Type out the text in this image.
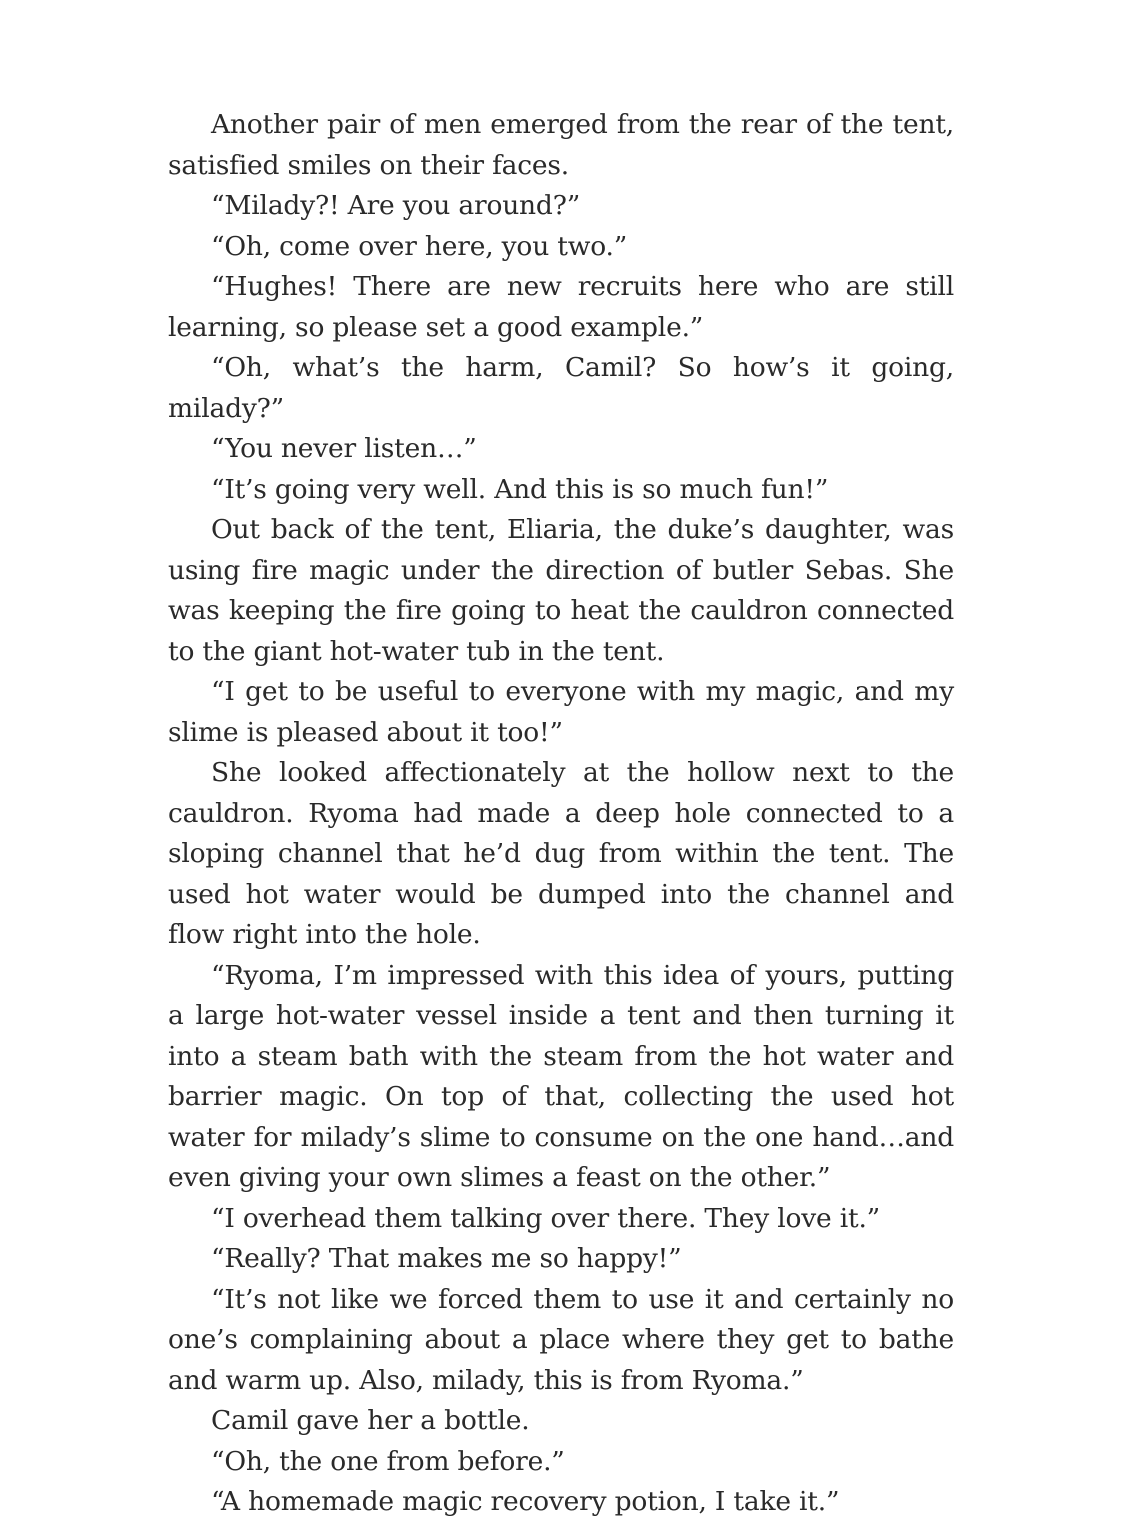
Another pair of men emerged from the rear of the tent, satisfied smiles on their faces.

“Milady?! Are you around?”

“Oh, come over here, you two.”

“Hughes! There are new recruits here who are still learning, so please set a good example.”

“Oh, what’s the harm, Camil? So how’s it going, milady?”

“You never listen…”

“It’s going very well. And this is so much fun!”

Out back of the tent, Eliaria, the duke’s daughter, was using fire magic under the direction of butler Sebas. She was keeping the fire going to heat the cauldron connected to the giant hot-water tub in the tent.

“I get to be useful to everyone with my magic, and my slime is pleased about it too!”

She looked affectionately at the hollow next to the cauldron. Ryoma had made a deep hole connected to a sloping channel that he’d dug from within the tent. The used hot water would be dumped into the channel and flow right into the hole.

“Ryoma, I’m impressed with this idea of yours, putting a large hot-water vessel inside a tent and then turning it into a steam bath with the steam from the hot water and barrier magic. On top of that, collecting the used hot water for milady’s slime to consume on the one hand…and even giving your own slimes a feast on the other.”

“I overhead them talking over there. They love it.”

“Really? That makes me so happy!”

“It’s not like we forced them to use it and certainly no one’s complaining about a place where they get to bathe and warm up. Also, milady, this is from Ryoma.”

Camil gave her a bottle.

“Oh, the one from before.”

“A homemade magic recovery potion, I take it.”
